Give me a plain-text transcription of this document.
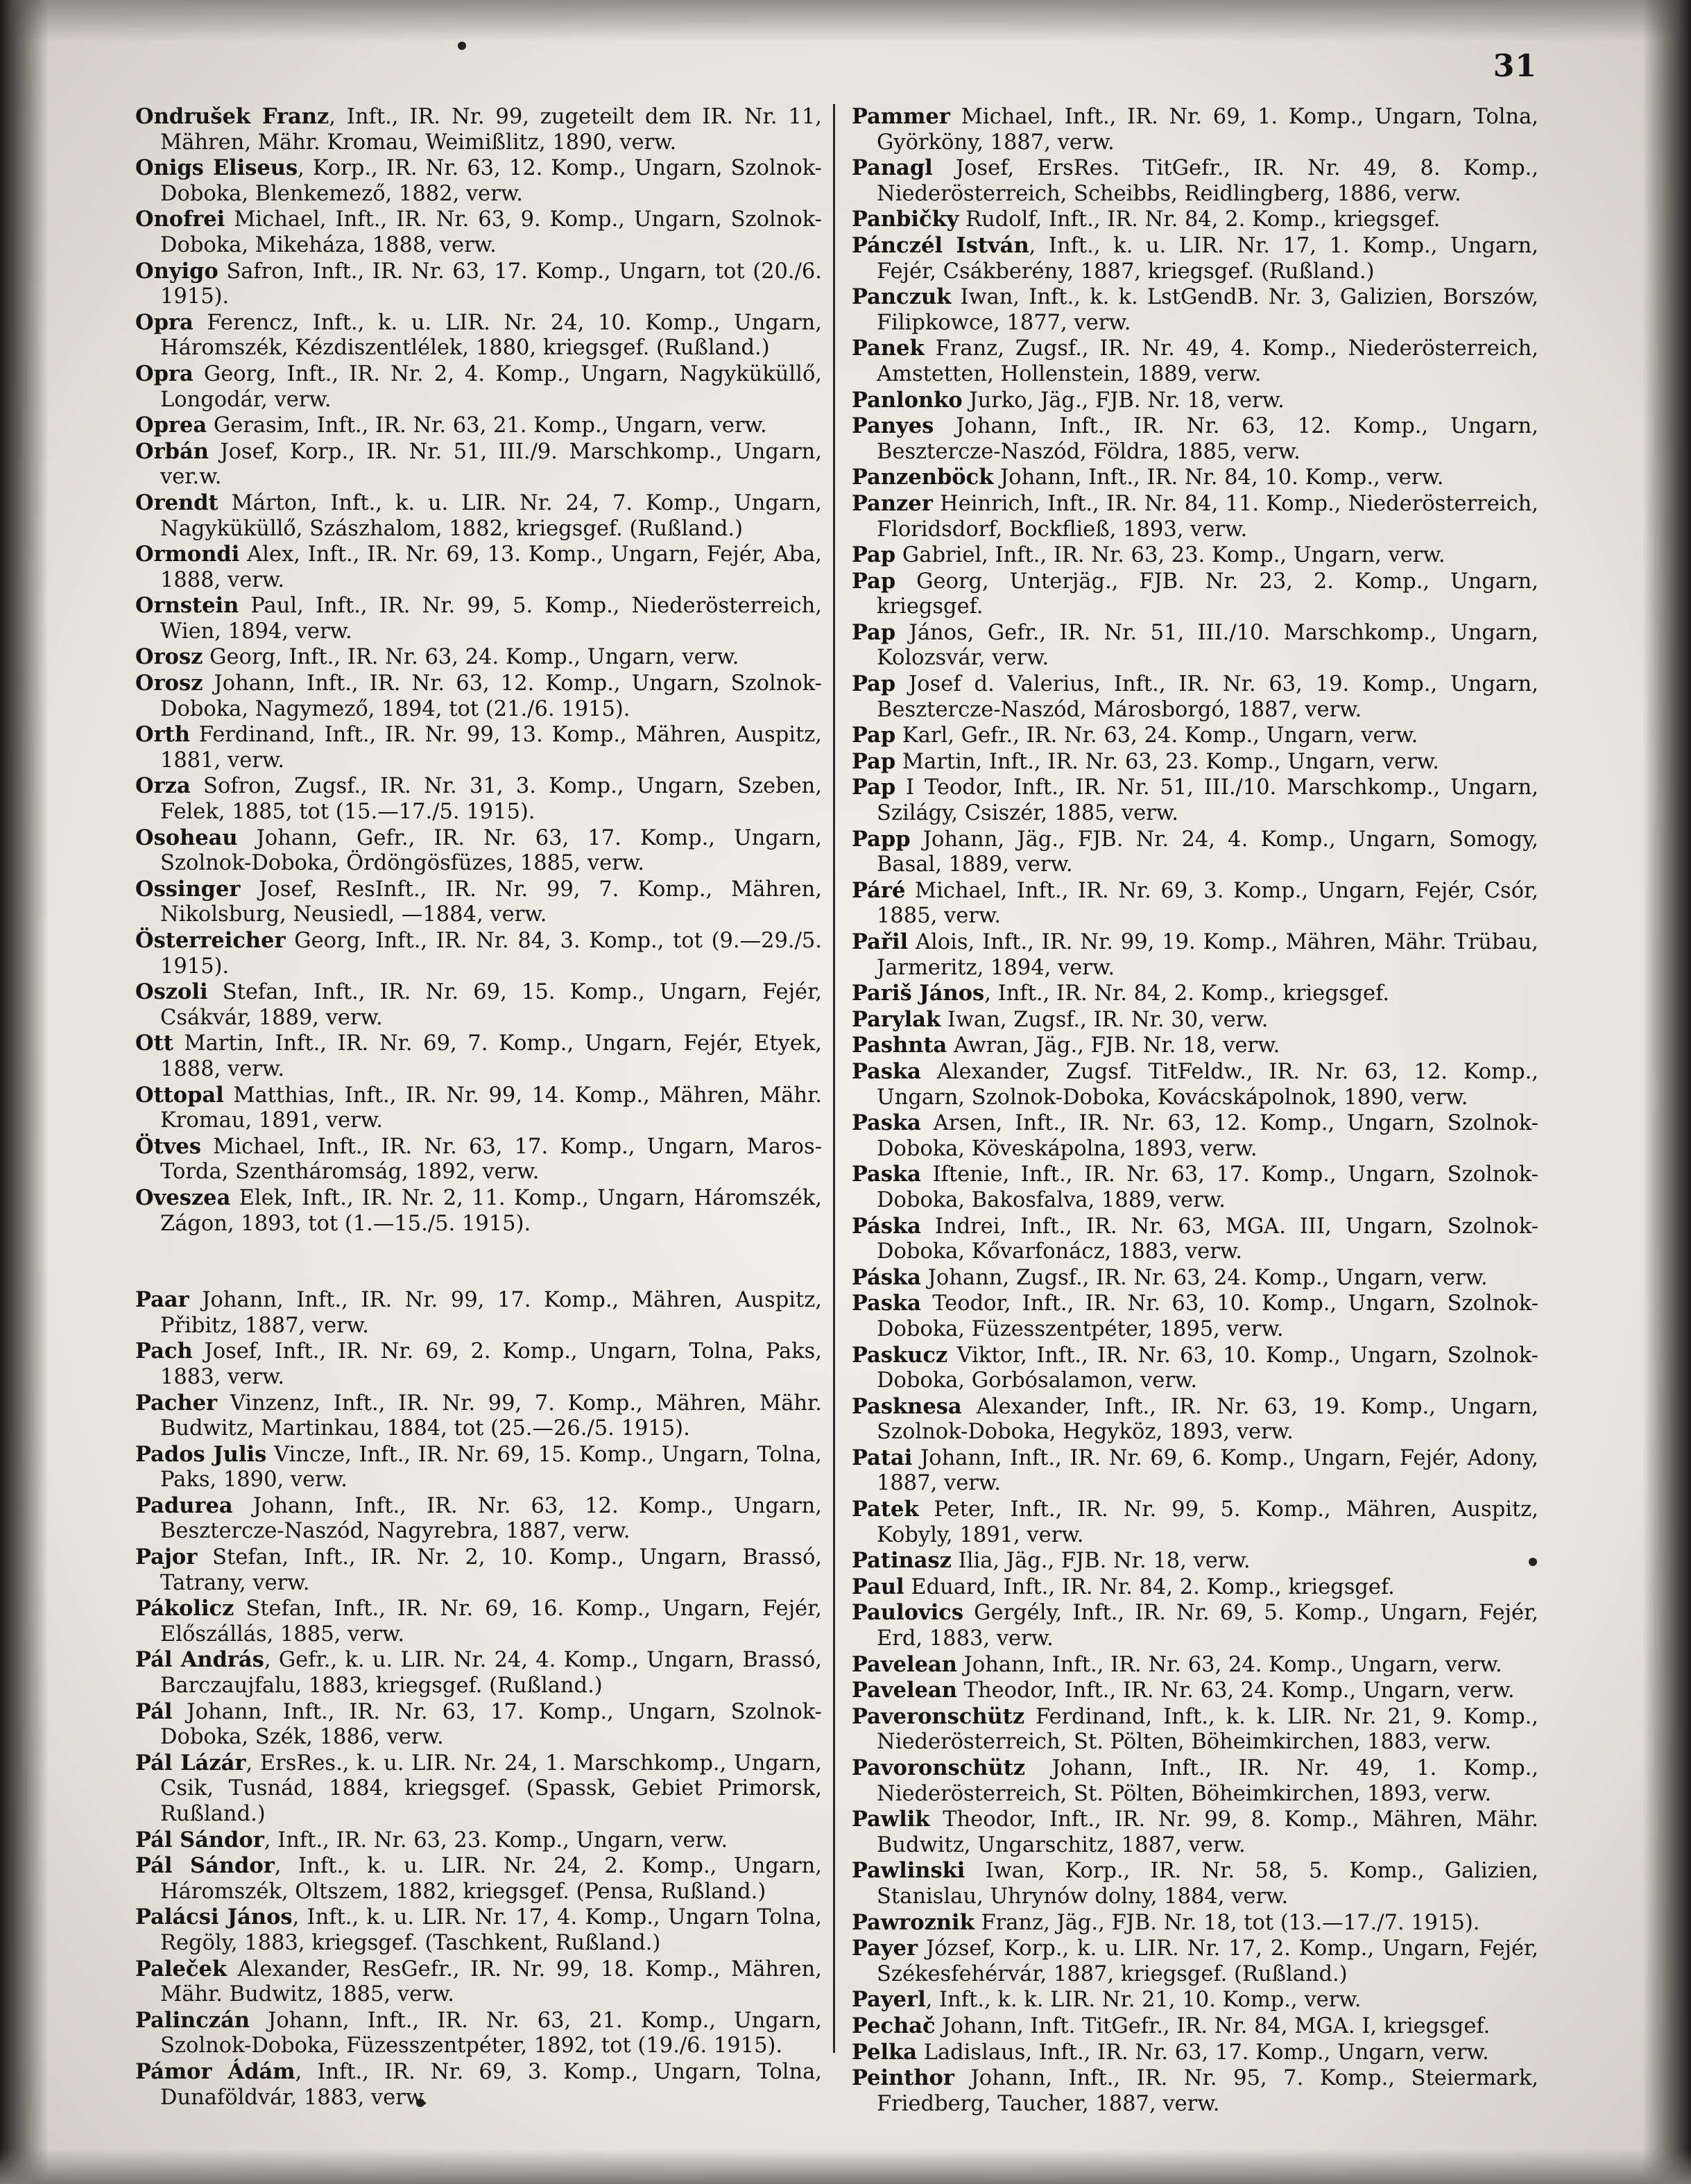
31
Ondrušek Franz, Inft., IR. Nr. 99, zugeteilt dem IR. Nr. 11, Mähren, Mähr. Kromau, Weimißlitz, 1890, verw.
Onigs Eliseus, Korp., IR. Nr. 63, 12. Komp., Ungarn, Szolnok-Doboka, Blenkemező, 1882, verw.
Onofrei Michael, Inft., IR. Nr. 63, 9. Komp., Ungarn, Szolnok-Doboka, Mikeháza, 1888, verw.
Onyigo Safron, Inft., IR. Nr. 63, 17. Komp., Ungarn, tot (20./6. 1915).
Opra Ferencz, Inft., k. u. LIR. Nr. 24, 10. Komp., Ungarn, Háromszék, Kézdiszentlélek, 1880, kriegsgef. (Rußland.)
Opra Georg, Inft., IR. Nr. 2, 4. Komp., Ungarn, Nagyküküllő, Longodár, verw.
Oprea Gerasim, Inft., IR. Nr. 63, 21. Komp., Ungarn, verw.
Orbán Josef, Korp., IR. Nr. 51, III./9. Marschkomp., Ungarn, ver.w.
Orendt Márton, Inft., k. u. LIR. Nr. 24, 7. Komp., Ungarn, Nagyküküllő, Szászhalom, 1882, kriegsgef. (Rußland.)
Ormondi Alex, Inft., IR. Nr. 69, 13. Komp., Ungarn, Fejér, Aba, 1888, verw.
Ornstein Paul, Inft., IR. Nr. 99, 5. Komp., Niederösterreich, Wien, 1894, verw.
Orosz Georg, Inft., IR. Nr. 63, 24. Komp., Ungarn, verw.
Orosz Johann, Inft., IR. Nr. 63, 12. Komp., Ungarn, Szolnok-Doboka, Nagymező, 1894, tot (21./6. 1915).
Orth Ferdinand, Inft., IR. Nr. 99, 13. Komp., Mähren, Auspitz, 1881, verw.
Orza Sofron, Zugsf., IR. Nr. 31, 3. Komp., Ungarn, Szeben, Felek, 1885, tot (15.—17./5. 1915).
Osoheau Johann, Gefr., IR. Nr. 63, 17. Komp., Ungarn, Szolnok-Doboka, Ördöngösfüzes, 1885, verw.
Ossinger Josef, ResInft., IR. Nr. 99, 7. Komp., Mähren, Nikolsburg, Neusiedl, —1884, verw.
Österreicher Georg, Inft., IR. Nr. 84, 3. Komp., tot (9.—29./5. 1915).
Oszoli Stefan, Inft., IR. Nr. 69, 15. Komp., Ungarn, Fejér, Csákvár, 1889, verw.
Ott Martin, Inft., IR. Nr. 69, 7. Komp., Ungarn, Fejér, Etyek, 1888, verw.
Ottopal Matthias, Inft., IR. Nr. 99, 14. Komp., Mähren, Mähr. Kromau, 1891, verw.
Ötves Michael, Inft., IR. Nr. 63, 17. Komp., Ungarn, Maros-Torda, Szentháromság, 1892, verw.
Oveszea Elek, Inft., IR. Nr. 2, 11. Komp., Ungarn, Háromszék, Zágon, 1893, tot (1.—15./5. 1915).
Paar Johann, Inft., IR. Nr. 99, 17. Komp., Mähren, Auspitz, Přibitz, 1887, verw.
Pach Josef, Inft., IR. Nr. 69, 2. Komp., Ungarn, Tolna, Paks, 1883, verw.
Pacher Vinzenz, Inft., IR. Nr. 99, 7. Komp., Mähren, Mähr. Budwitz, Martinkau, 1884, tot (25.—26./5. 1915).
Pados Julis Vincze, Inft., IR. Nr. 69, 15. Komp., Ungarn, Tolna, Paks, 1890, verw.
Padurea Johann, Inft., IR. Nr. 63, 12. Komp., Ungarn, Besztercze-Naszód, Nagyrebra, 1887, verw.
Pajor Stefan, Inft., IR. Nr. 2, 10. Komp., Ungarn, Brassó, Tatrany, verw.
Pákolicz Stefan, Inft., IR. Nr. 69, 16. Komp., Ungarn, Fejér, Előszállás, 1885, verw.
Pál András, Gefr., k. u. LIR. Nr. 24, 4. Komp., Ungarn, Brassó, Barczaujfalu, 1883, kriegsgef. (Rußland.)
Pál Johann, Inft., IR. Nr. 63, 17. Komp., Ungarn, Szolnok-Doboka, Szék, 1886, verw.
Pál Lázár, ErsRes., k. u. LIR. Nr. 24, 1. Marschkomp., Ungarn, Csik, Tusnád, 1884, kriegsgef. (Spassk, Gebiet Primorsk, Rußland.)
Pál Sándor, Inft., IR. Nr. 63, 23. Komp., Ungarn, verw.
Pál Sándor, Inft., k. u. LIR. Nr. 24, 2. Komp., Ungarn, Háromszék, Oltszem, 1882, kriegsgef. (Pensa, Rußland.)
Palácsi János, Inft., k. u. LIR. Nr. 17, 4. Komp., Ungarn Tolna, Regöly, 1883, kriegsgef. (Taschkent, Rußland.)
Paleček Alexander, ResGefr., IR. Nr. 99, 18. Komp., Mähren, Mähr. Budwitz, 1885, verw.
Palinczán Johann, Inft., IR. Nr. 63, 21. Komp., Ungarn, Szolnok-Doboka, Füzesszentpéter, 1892, tot (19./6. 1915).
Pámor Ádám, Inft., IR. Nr. 69, 3. Komp., Ungarn, Tolna, Dunaföldvár, 1883, verw.
Pammer Michael, Inft., IR. Nr. 69, 1. Komp., Ungarn, Tolna, Györköny, 1887, verw.
Panagl Josef, ErsRes. TitGefr., IR. Nr. 49, 8. Komp., Niederösterreich, Scheibbs, Reidlingberg, 1886, verw.
Panbičky Rudolf, Inft., IR. Nr. 84, 2. Komp., kriegsgef.
Pánczél István, Inft., k. u. LIR. Nr. 17, 1. Komp., Ungarn, Fejér, Csákberény, 1887, kriegsgef. (Rußland.)
Panczuk Iwan, Inft., k. k. LstGendB. Nr. 3, Galizien, Borszów, Filipkowce, 1877, verw.
Panek Franz, Zugsf., IR. Nr. 49, 4. Komp., Niederösterreich, Amstetten, Hollenstein, 1889, verw.
Panlonko Jurko, Jäg., FJB. Nr. 18, verw.
Panyes Johann, Inft., IR. Nr. 63, 12. Komp., Ungarn, Besztercze-Naszód, Földra, 1885, verw.
Panzenböck Johann, Inft., IR. Nr. 84, 10. Komp., verw.
Panzer Heinrich, Inft., IR. Nr. 84, 11. Komp., Niederösterreich, Floridsdorf, Bockfließ, 1893, verw.
Pap Gabriel, Inft., IR. Nr. 63, 23. Komp., Ungarn, verw.
Pap Georg, Unterjäg., FJB. Nr. 23, 2. Komp., Ungarn, kriegsgef.
Pap János, Gefr., IR. Nr. 51, III./10. Marschkomp., Ungarn, Kolozsvár, verw.
Pap Josef d. Valerius, Inft., IR. Nr. 63, 19. Komp., Ungarn, Besztercze-Naszód, Márosborgó, 1887, verw.
Pap Karl, Gefr., IR. Nr. 63, 24. Komp., Ungarn, verw.
Pap Martin, Inft., IR. Nr. 63, 23. Komp., Ungarn, verw.
Pap I Teodor, Inft., IR. Nr. 51, III./10. Marschkomp., Ungarn, Szilágy, Csiszér, 1885, verw.
Papp Johann, Jäg., FJB. Nr. 24, 4. Komp., Ungarn, Somogy, Basal, 1889, verw.
Páré Michael, Inft., IR. Nr. 69, 3. Komp., Ungarn, Fejér, Csór, 1885, verw.
Pařil Alois, Inft., IR. Nr. 99, 19. Komp., Mähren, Mähr. Trübau, Jarmeritz, 1894, verw.
Pariš János, Inft., IR. Nr. 84, 2. Komp., kriegsgef.
Parylak Iwan, Zugsf., IR. Nr. 30, verw.
Pashnta Awran, Jäg., FJB. Nr. 18, verw.
Paska Alexander, Zugsf. TitFeldw., IR. Nr. 63, 12. Komp., Ungarn, Szolnok-Doboka, Kovácskápolnok, 1890, verw.
Paska Arsen, Inft., IR. Nr. 63, 12. Komp., Ungarn, Szolnok-Doboka, Köveskápolna, 1893, verw.
Paska Iftenie, Inft., IR. Nr. 63, 17. Komp., Ungarn, Szolnok-Doboka, Bakosfalva, 1889, verw.
Páska Indrei, Inft., IR. Nr. 63, MGA. III, Ungarn, Szolnok-Doboka, Kővarfonácz, 1883, verw.
Páska Johann, Zugsf., IR. Nr. 63, 24. Komp., Ungarn, verw.
Paska Teodor, Inft., IR. Nr. 63, 10. Komp., Ungarn, Szolnok-Doboka, Füzesszentpéter, 1895, verw.
Paskucz Viktor, Inft., IR. Nr. 63, 10. Komp., Ungarn, Szolnok-Doboka, Gorbósalamon, verw.
Pasknesa Alexander, Inft., IR. Nr. 63, 19. Komp., Ungarn, Szolnok-Doboka, Hegyköz, 1893, verw.
Patai Johann, Inft., IR. Nr. 69, 6. Komp., Ungarn, Fejér, Adony, 1887, verw.
Patek Peter, Inft., IR. Nr. 99, 5. Komp., Mähren, Auspitz, Kobyly, 1891, verw.
Patinasz Ilia, Jäg., FJB. Nr. 18, verw.
Paul Eduard, Inft., IR. Nr. 84, 2. Komp., kriegsgef.
Paulovics Gergély, Inft., IR. Nr. 69, 5. Komp., Ungarn, Fejér, Erd, 1883, verw.
Pavelean Johann, Inft., IR. Nr. 63, 24. Komp., Ungarn, verw.
Pavelean Theodor, Inft., IR. Nr. 63, 24. Komp., Ungarn, verw.
Paveronschütz Ferdinand, Inft., k. k. LIR. Nr. 21, 9. Komp., Niederösterreich, St. Pölten, Böheimkirchen, 1883, verw.
Pavoronschütz Johann, Inft., IR. Nr. 49, 1. Komp., Niederösterreich, St. Pölten, Böheimkirchen, 1893, verw.
Pawlik Theodor, Inft., IR. Nr. 99, 8. Komp., Mähren, Mähr. Budwitz, Ungarschitz, 1887, verw.
Pawlinski Iwan, Korp., IR. Nr. 58, 5. Komp., Galizien, Stanislau, Uhrynów dolny, 1884, verw.
Pawroznik Franz, Jäg., FJB. Nr. 18, tot (13.—17./7. 1915).
Payer József, Korp., k. u. LIR. Nr. 17, 2. Komp., Ungarn, Fejér, Székesfehérvár, 1887, kriegsgef. (Rußland.)
Payerl, Inft., k. k. LIR. Nr. 21, 10. Komp., verw.
Pechač Johann, Inft. TitGefr., IR. Nr. 84, MGA. I, kriegsgef.
Pelka Ladislaus, Inft., IR. Nr. 63, 17. Komp., Ungarn, verw.
Peinthor Johann, Inft., IR. Nr. 95, 7. Komp., Steiermark, Friedberg, Taucher, 1887, verw.
